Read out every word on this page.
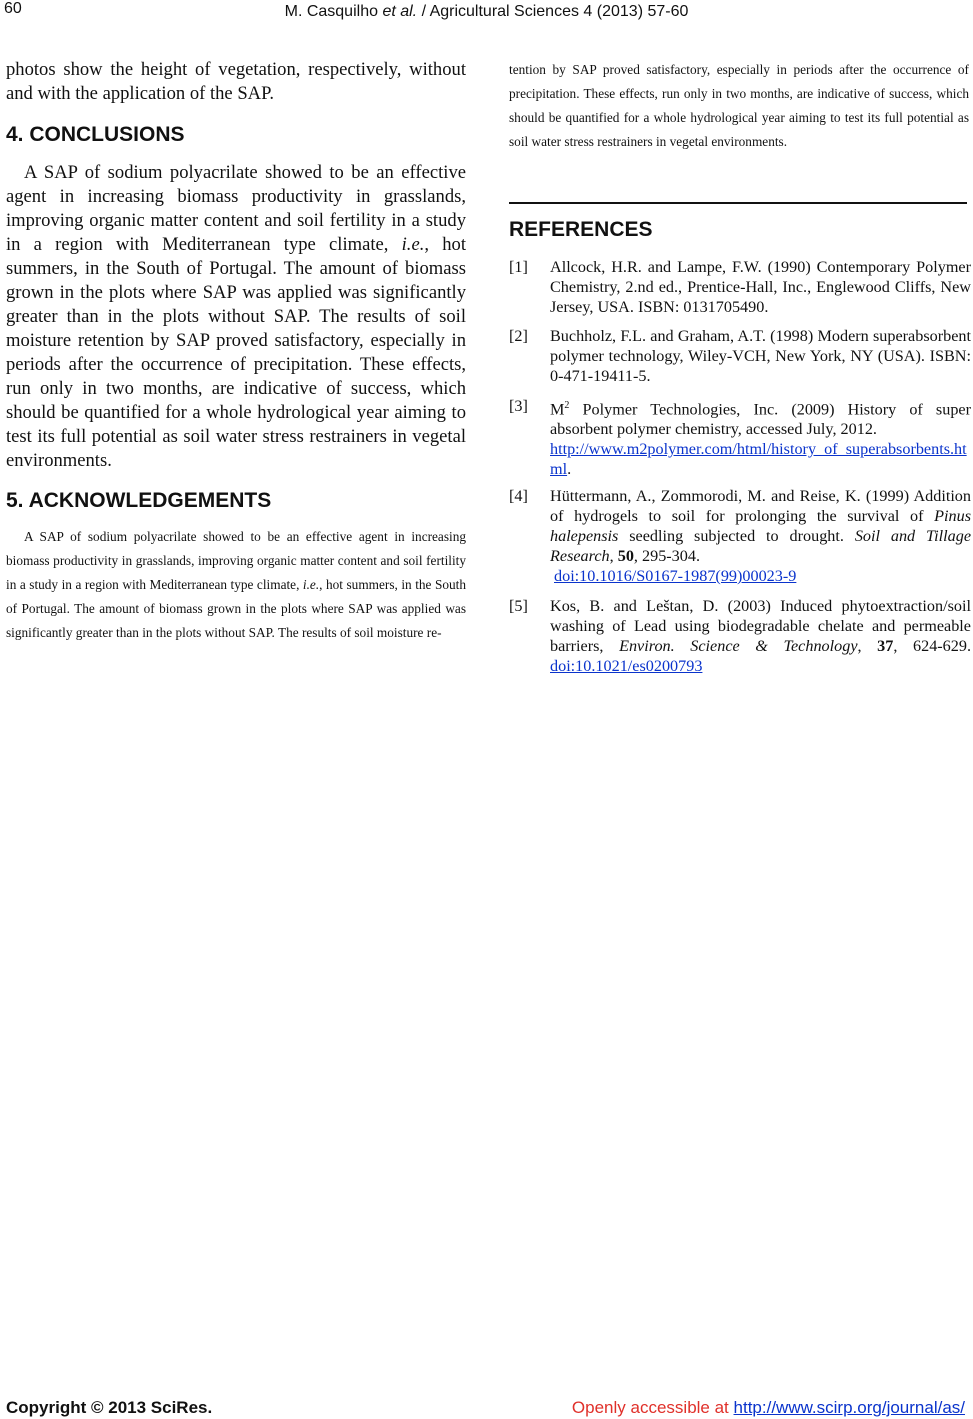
60	M. Casquilho et al. / Agricultural Sciences 4 (2013) 57-60

photos show the height of vegetation, respectively, without and with the application of the SAP.

4. CONCLUSIONS

A SAP of sodium polyacrilate showed to be an effective agent in increasing biomass productivity in grasslands, improving organic matter content and soil fertility in a study in a region with Mediterranean type climate, i.e., hot summers, in the South of Portugal. The amount of biomass grown in the plots where SAP was applied was significantly greater than in the plots without SAP. The results of soil moisture retention by SAP proved satisfactory, especially in periods after the occurrence of precipitation. These effects, run only in two months, are indicative of success, which should be quantified for a whole hydrological year aiming to test its full potential as soil water stress restrainers in vegetal environments.

5. ACKNOWLEDGEMENTS

A SAP of sodium polyacrilate showed to be an effective agent in increasing biomass productivity in grasslands, improving organic matter content and soil fertility in a study in a region with Mediterranean type climate, i.e., hot summers, in the South of Portugal. The amount of biomass grown in the plots where SAP was applied was significantly greater than in the plots without SAP. The results of soil moisture re-

tention by SAP proved satisfactory, especially in periods after the occurrence of precipitation. These effects, run only in two months, are indicative of success, which should be quantified for a whole hydrological year aiming to test its full potential as soil water stress restrainers in vegetal environments.

REFERENCES
[1] Allcock, H.R. and Lampe, F.W. (1990) Contemporary Polymer Chemistry, 2.nd ed., Prentice-Hall, Inc., Englewood Cliffs, New Jersey, USA. ISBN: 0131705490.
[2] Buchholz, F.L. and Graham, A.T. (1998) Modern superabsorbent polymer technology, Wiley-VCH, New York, NY (USA). ISBN: 0-471-19411-5.
[3] $M^2$ Polymer Technologies, Inc. (2009) History of super absorbent polymer chemistry, accessed July, 2012.
http://www.m2polymer.com/html/history_of_superabsorbents.html.
[4] Hüttermann, A., Zommorodi, M. and Reise, K. (1999) Addition of hydrogels to soil for prolonging the survival of Pinus halepensis seedling subjected to drought. Soil and Tillage Research, 50, 295-304.
doi:10.1016/S0167-1987(99)00023-9
[5] Kos, B. and Leštan, D. (2003) Induced phytoextraction/soil washing of Lead using biodegradable chelate and permeable barriers, Environ. Science & Technology, 37, 624-629. doi:10.1021/es0200793
Copyright © 2013 SciRes.	Openly accessible at http://www.scirp.org/journal/as/
